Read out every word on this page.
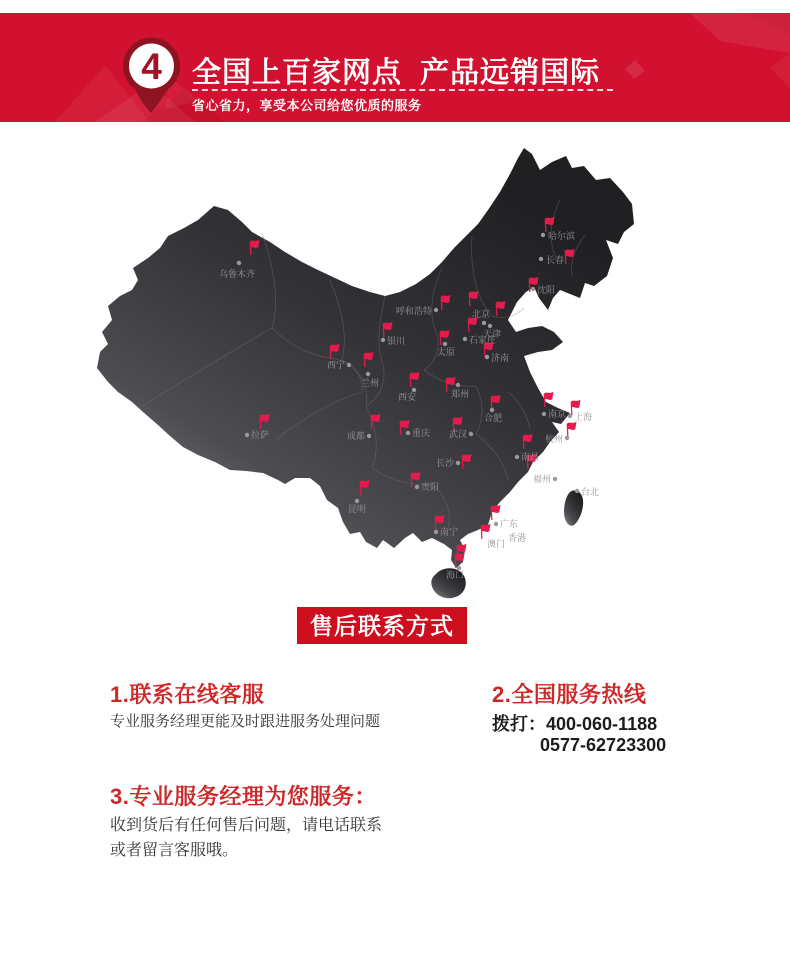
4 全国上百家网点  产品远销国际
省心省力，享受本公司给您优质的服务
乌鲁木齐
哈尔滨
长春
沈阳
呼和浩特	北京
天津
石家庄
太原
济南
银川
西宁
兰州
西安	郑州
合肥	南京 上海
杭州
武汉
重庆
成都
拉萨
南昌
长沙
贵阳
昆明
福州
台北
广东
香港
澳门
南宁
海口
售后联系方式
1.联系在线客服
专业服务经理更能及时跟进服务处理问题
2.全国服务热线
拨打：400-060-1188
0577-62723300
3.专业服务经理为您服务：
收到货后有任何售后问题，请电话联系
或者留言客服哦。
